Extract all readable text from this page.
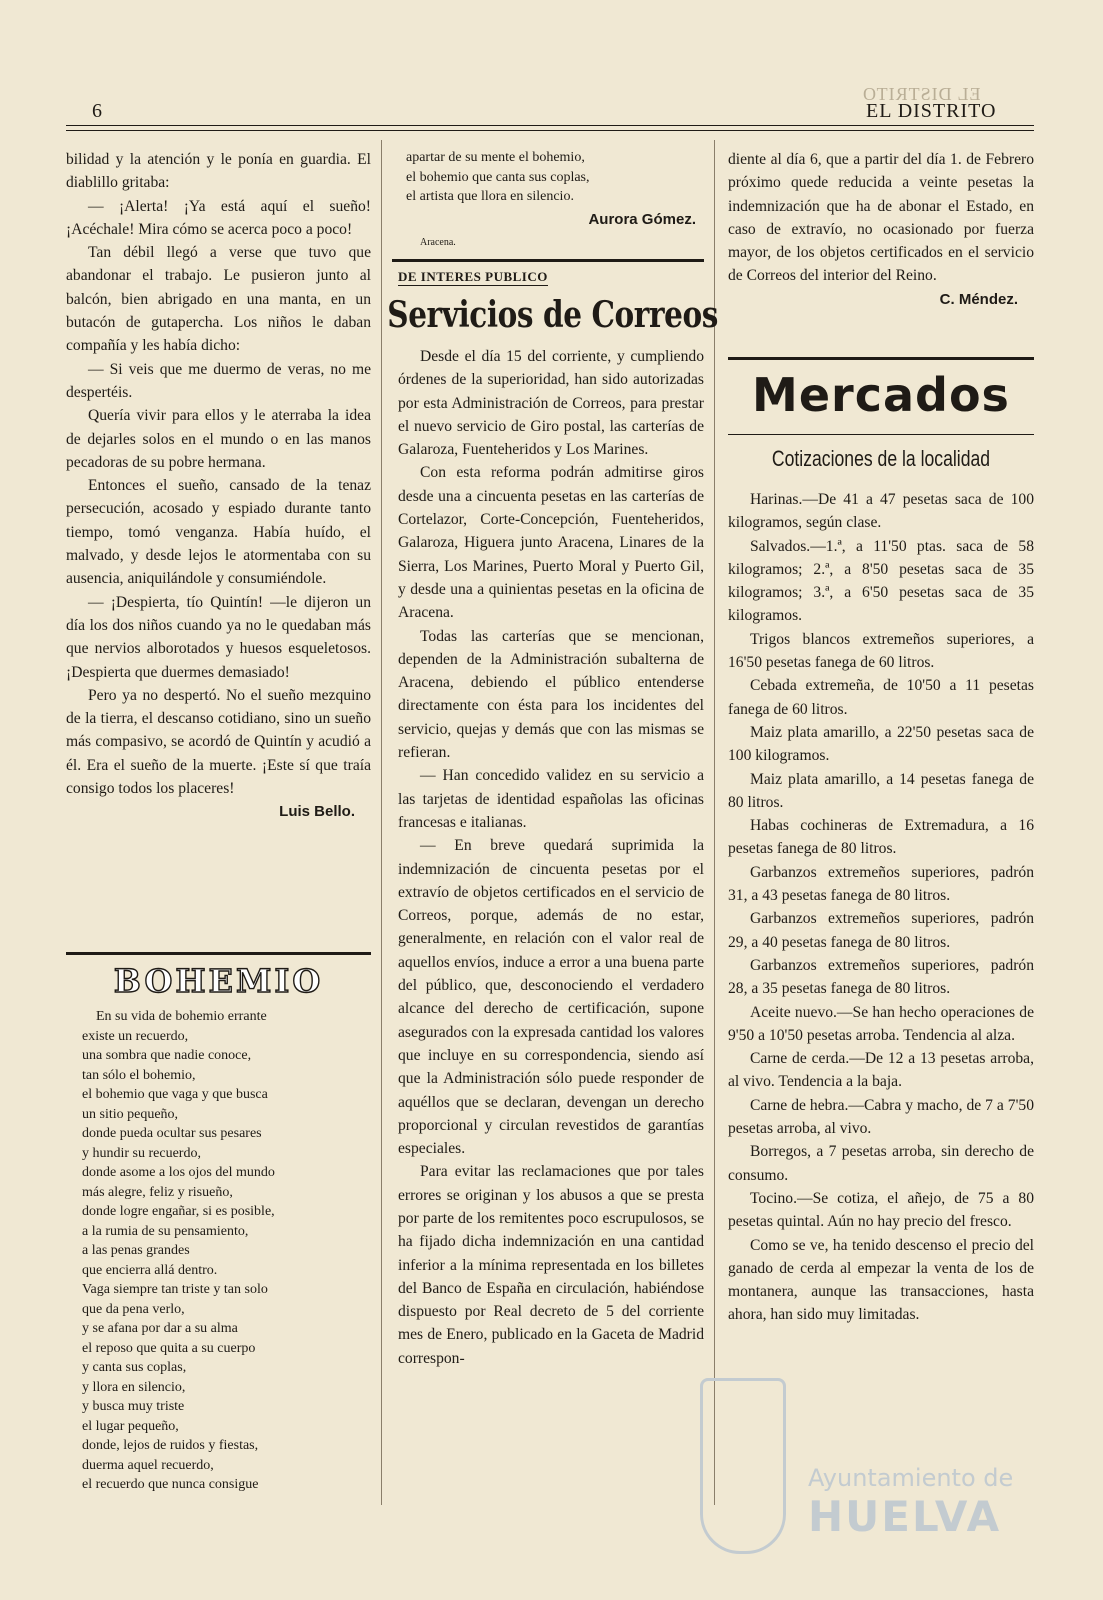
6
EL DISTRITO
EL DISTRITO

bilidad y la atención y le ponía en guardia. El diablillo gritaba:

— ¡Alerta! ¡Ya está aquí el sueño! ¡Acéchale! Mira cómo se acerca poco a poco!

Tan débil llegó a verse que tuvo que abandonar el trabajo. Le pusieron junto al balcón, bien abrigado en una manta, en un butacón de gutapercha. Los niños le daban compañía y les había dicho:

— Si veis que me duermo de veras, no me despertéis.

Quería vivir para ellos y le aterraba la idea de dejarles solos en el mundo o en las manos pecadoras de su pobre hermana.

Entonces el sueño, cansado de la tenaz persecución, acosado y espiado durante tanto tiempo, tomó venganza. Había huído, el malvado, y desde lejos le atormentaba con su ausencia, aniquilándole y consumiéndole.

— ¡Despierta, tío Quintín! —le dijeron un día los dos niños cuando ya no le quedaban más que nervios alborotados y huesos esqueletosos. ¡Despierta que duermes demasiado!

Pero ya no despertó. No el sueño mezquino de la tierra, el descanso cotidiano, sino un sueño más compasivo, se acordó de Quintín y acudió a él. Era el sueño de la muerte. ¡Este sí que traía consigo todos los placeres!

Luis Bello.
BOHEMIO
En su vida de bohemio errante
existe un recuerdo,
una sombra que nadie conoce,
tan sólo el bohemio,
el bohemio que vaga y que busca
un sitio pequeño,
donde pueda ocultar sus pesares
y hundir su recuerdo,
donde asome a los ojos del mundo
más alegre, feliz y risueño,
donde logre engañar, si es posible,
a la rumia de su pensamiento,
a las penas grandes
que encierra allá dentro.
Vaga siempre tan triste y tan solo
que da pena verlo,
y se afana por dar a su alma
el reposo que quita a su cuerpo
y canta sus coplas,
y llora en silencio,
y busca muy triste
el lugar pequeño,
donde, lejos de ruidos y fiestas,
duerma aquel recuerdo,
el recuerdo que nunca consigue
apartar de su mente el bohemio,
el bohemio que canta sus coplas,
el artista que llora en silencio.
Aurora Gómez.
Aracena.
DE INTERES PUBLICO
Servicios de Correos

Desde el día 15 del corriente, y cumpliendo órdenes de la superioridad, han sido autorizadas por esta Administración de Correos, para prestar el nuevo servicio de Giro postal, las carterías de Galaroza, Fuenteheridos y Los Marines.

Con esta reforma podrán admitirse giros desde una a cincuenta pesetas en las carterías de Cortelazor, Corte-Concepción, Fuenteheridos, Galaroza, Higuera junto Aracena, Linares de la Sierra, Los Marines, Puerto Moral y Puerto Gil, y desde una a quinientas pesetas en la oficina de Aracena.

Todas las carterías que se mencionan, dependen de la Administración subalterna de Aracena, debiendo el público entenderse directamente con ésta para los incidentes del servicio, quejas y demás que con las mismas se refieran.

— Han concedido validez en su servicio a las tarjetas de identidad españolas las oficinas francesas e italianas.

— En breve quedará suprimida la indemnización de cincuenta pesetas por el extravío de objetos certificados en el servicio de Correos, porque, además de no estar, generalmente, en relación con el valor real de aquellos envíos, induce a error a una buena parte del público, que, desconociendo el verdadero alcance del derecho de certificación, supone asegurados con la expresada cantidad los valores que incluye en su correspondencia, siendo así que la Administración sólo puede responder de aquéllos que se declaran, devengan un derecho proporcional y circulan revestidos de garantías especiales.

Para evitar las reclamaciones que por tales errores se originan y los abusos a que se presta por parte de los remitentes poco escrupulosos, se ha fijado dicha indemnización en una cantidad inferior a la mínima representada en los billetes del Banco de España en circulación, habiéndose dispuesto por Real decreto de 5 del corriente mes de Enero, publicado en la Gaceta de Madrid correspon-

diente al día 6, que a partir del día 1. de Febrero próximo quede reducida a veinte pesetas la indemnización que ha de abonar el Estado, en caso de extravío, no ocasionado por fuerza mayor, de los objetos certificados en el servicio de Correos del interior del Reino.

C. Méndez.
Mercados
Cotizaciones de la localidad

Harinas.—De 41 a 47 pesetas saca de 100 kilogramos, según clase.

Salvados.—1.ª, a 11'50 ptas. saca de 58 kilogramos; 2.ª, a 8'50 pesetas saca de 35 kilogramos; 3.ª, a 6'50 pesetas saca de 35 kilogramos.

Trigos blancos extremeños superiores, a 16'50 pesetas fanega de 60 litros.

Cebada extremeña, de 10'50 a 11 pesetas fanega de 60 litros.

Maiz plata amarillo, a 22'50 pesetas saca de 100 kilogramos.

Maiz plata amarillo, a 14 pesetas fanega de 80 litros.

Habas cochineras de Extremadura, a 16 pesetas fanega de 80 litros.

Garbanzos extremeños superiores, padrón 31, a 43 pesetas fanega de 80 litros.

Garbanzos extremeños superiores, padrón 29, a 40 pesetas fanega de 80 litros.

Garbanzos extremeños superiores, padrón 28, a 35 pesetas fanega de 80 litros.

Aceite nuevo.—Se han hecho operaciones de 9'50 a 10'50 pesetas arroba. Tendencia al alza.

Carne de cerda.—De 12 a 13 pesetas arroba, al vivo. Tendencia a la baja.

Carne de hebra.—Cabra y macho, de 7 a 7'50 pesetas arroba, al vivo.

Borregos, a 7 pesetas arroba, sin derecho de consumo.

Tocino.—Se cotiza, el añejo, de 75 a 80 pesetas quintal. Aún no hay precio del fresco.

Como se ve, ha tenido descenso el precio del ganado de cerda al empezar la venta de los de montanera, aunque las transacciones, hasta ahora, han sido muy limitadas.

Ayuntamiento de
HUELVA
